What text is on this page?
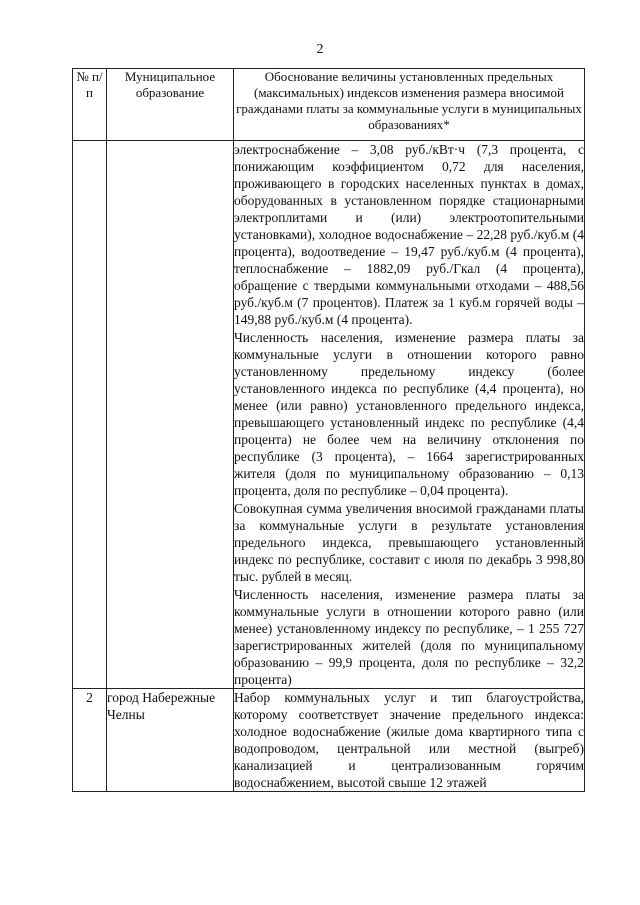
2
№ п/п	Муниципальное образование	Обоснование величины установленных предельных (максимальных) индексов изменения размера вносимой гражданами платы за коммунальные услуги в муниципальных образованиях*

		электроснабжение – 3,08 руб./кВт·ч (7,3 процента, с понижающим коэффициентом 0,72 для населения, проживающего в городских населенных пунктах в домах, оборудованных в установленном порядке стационарными электроплитами и (или) электроотопительными установками), холодное водоснабжение – 22,28 руб./куб.м (4 процента), водоотведение – 19,47 руб./куб.м (4 процента), теплоснабжение – 1882,09 руб./Гкал (4 процента), обращение с твердыми коммунальными отходами – 488,56 руб./куб.м (7 процентов). Платеж за 1 куб.м горячей воды – 149,88 руб./куб.м (4 процента).

Численность населения, изменение размера платы за коммунальные услуги в отношении которого равно установленному предельному индексу (более установленного индекса по республике (4,4 процента), но менее (или равно) установленного предельного индекса, превышающего установленный индекс по республике (4,4 процента) не более чем на величину отклонения по республике (3 процента), – 1664 зарегистрированных жителя (доля по муниципальному образованию – 0,13 процента, доля по республике – 0,04 процента).

Совокупная сумма увеличения вносимой гражданами платы за коммунальные услуги в результате установления предельного индекса, превышающего установленный индекс по республике, составит с июля по декабрь 3 998,80 тыс. рублей в месяц.

Численность населения, изменение размера платы за коммунальные услуги в отношении которого равно (или менее) установленному индексу по республике, – 1 255 727 зарегистрированных жителей (доля по муниципальному образованию – 99,9 процента, доля по республике – 32,2 процента)

2	город Набережные Челны	Набор коммунальных услуг и тип благоустройства, которому соответствует значение предельного индекса: холодное водоснабжение (жилые дома квартирного типа с водопроводом, центральной или местной (выгреб) канализацией и централизованным горячим водоснабжением, высотой свыше 12 этажей
